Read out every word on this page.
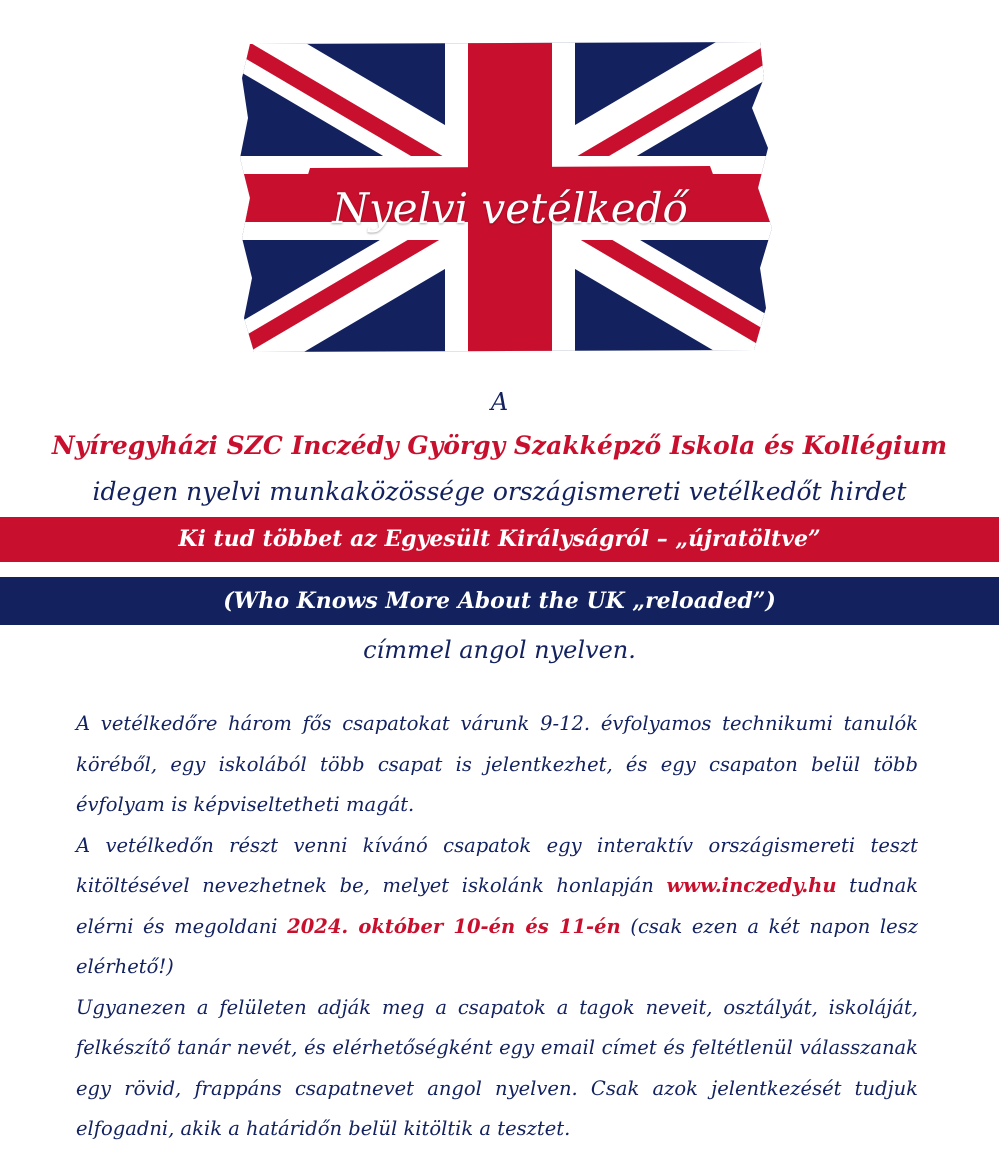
Nyelvi vetélkedő
A
Nyíregyházi SZC Inczédy György Szakképző Iskola és Kollégium
idegen nyelvi munkaközössége országismereti vetélkedőt hirdet
Ki tud többet az Egyesült Királyságról – „újratöltve”
(Who Knows More About the UK „reloaded”)
címmel angol nyelven.

A vetélkedőre három fős csapatokat várunk 9-12. évfolyamos technikumi tanulók köréből, egy iskolából több csapat is jelentkezhet, és egy csapaton belül több évfolyam is képviseltetheti magát.

A vetélkedőn részt venni kívánó csapatok egy interaktív országismereti teszt kitöltésével nevezhetnek be, melyet iskolánk honlapján www.inczedy.hu tudnak elérni és megoldani 2024. október 10-én és 11-én (csak ezen a két napon lesz elérhető!)

Ugyanezen a felületen adják meg a csapatok a tagok neveit, osztályát, iskoláját, felkészítő tanár nevét, és elérhetőségként egy email címet és feltétlenül válasszanak egy rövid, frappáns csapatnevet angol nyelven. Csak azok jelentkezését tudjuk elfogadni, akik a határidőn belül kitöltik a tesztet.
